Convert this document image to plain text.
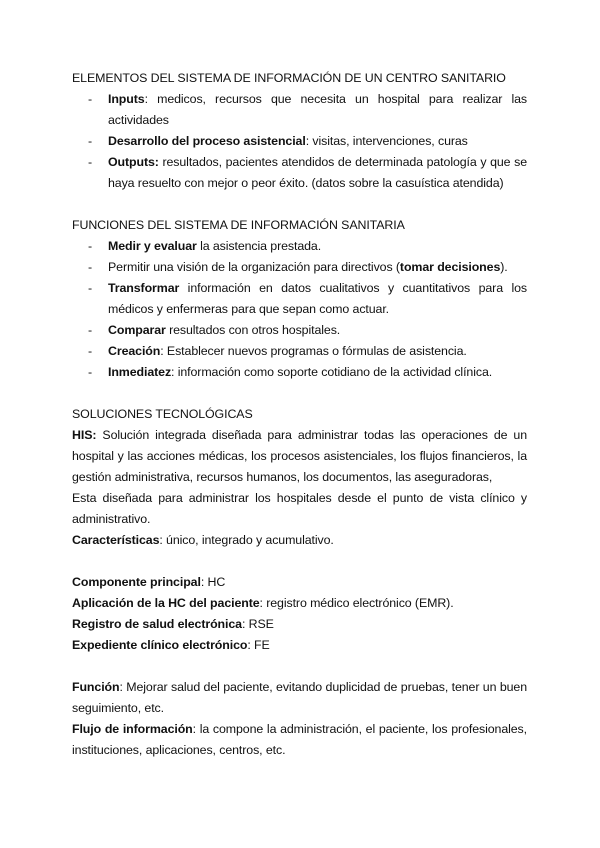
ELEMENTOS DEL SISTEMA DE INFORMACIÓN DE UN CENTRO SANITARIO

- Inputs: medicos, recursos que necesita un hospital para realizar las actividades
- Desarrollo del proceso asistencial: visitas, intervenciones, curas
- Outputs: resultados, pacientes atendidos de determinada patología y que se haya resuelto con mejor o peor éxito. (datos sobre la casuística atendida)

FUNCIONES DEL SISTEMA DE INFORMACIÓN SANITARIA

- Medir y evaluar la asistencia prestada.
- Permitir una visión de la organización para directivos (tomar decisiones).
- Transformar información en datos cualitativos y cuantitativos para los médicos y enfermeras para que sepan como actuar.
- Comparar resultados con otros hospitales.
- Creación: Establecer nuevos programas o fórmulas de asistencia.
- Inmediatez: información como soporte cotidiano de la actividad clínica.

SOLUCIONES TECNOLÓGICAS

HIS: Solución integrada diseñada para administrar todas las operaciones de un hospital y las acciones médicas, los procesos asistenciales, los flujos financieros, la gestión administrativa, recursos humanos, los documentos, las aseguradoras,

Esta diseñada para administrar los hospitales desde el punto de vista clínico y administrativo.

Características: único, integrado y acumulativo.

Componente principal: HC

Aplicación de la HC del paciente: registro médico electrónico (EMR).

Registro de salud electrónica: RSE

Expediente clínico electrónico: FE

Función: Mejorar salud del paciente, evitando duplicidad de pruebas, tener un buen seguimiento, etc.

Flujo de información: la compone la administración, el paciente, los profesionales, instituciones, aplicaciones, centros, etc.
